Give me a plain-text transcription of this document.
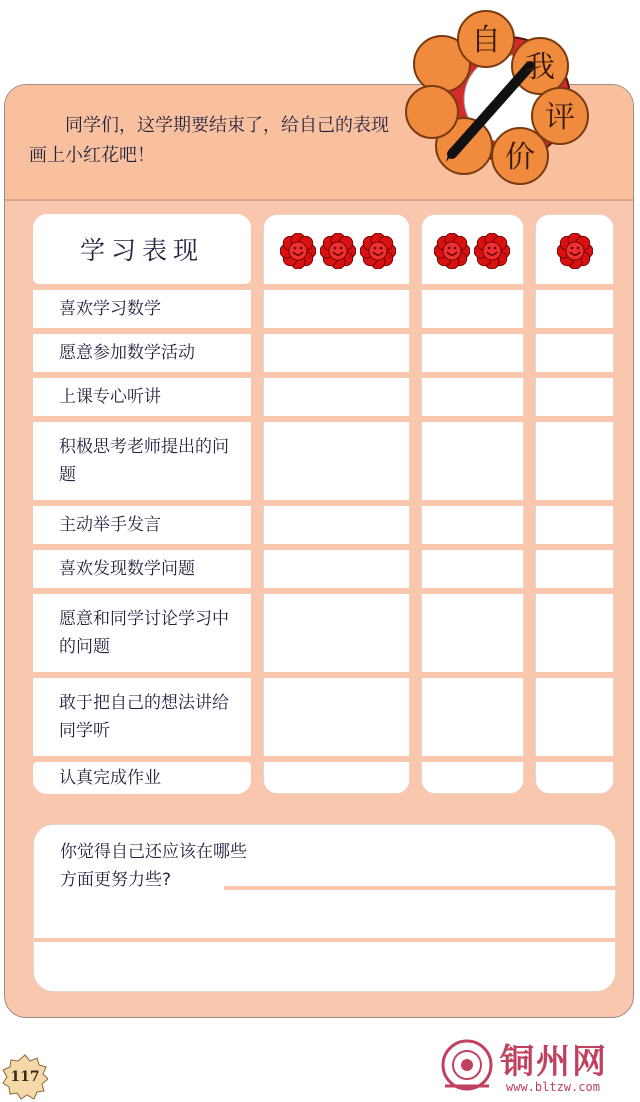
同学们，这学期要结束了，给自己的表现画上小红花吧！
自
我
评
价
学习表现
喜欢学习数学
愿意参加数学活动
上课专心听讲
积极思考老师提出的问题
主动举手发言
喜欢发现数学问题
愿意和同学讨论学习中的问题
敢于把自己的想法讲给同学听
认真完成作业
你觉得自己还应该在哪些方面更努力些?
117	铜州网
www.bltzw.com
